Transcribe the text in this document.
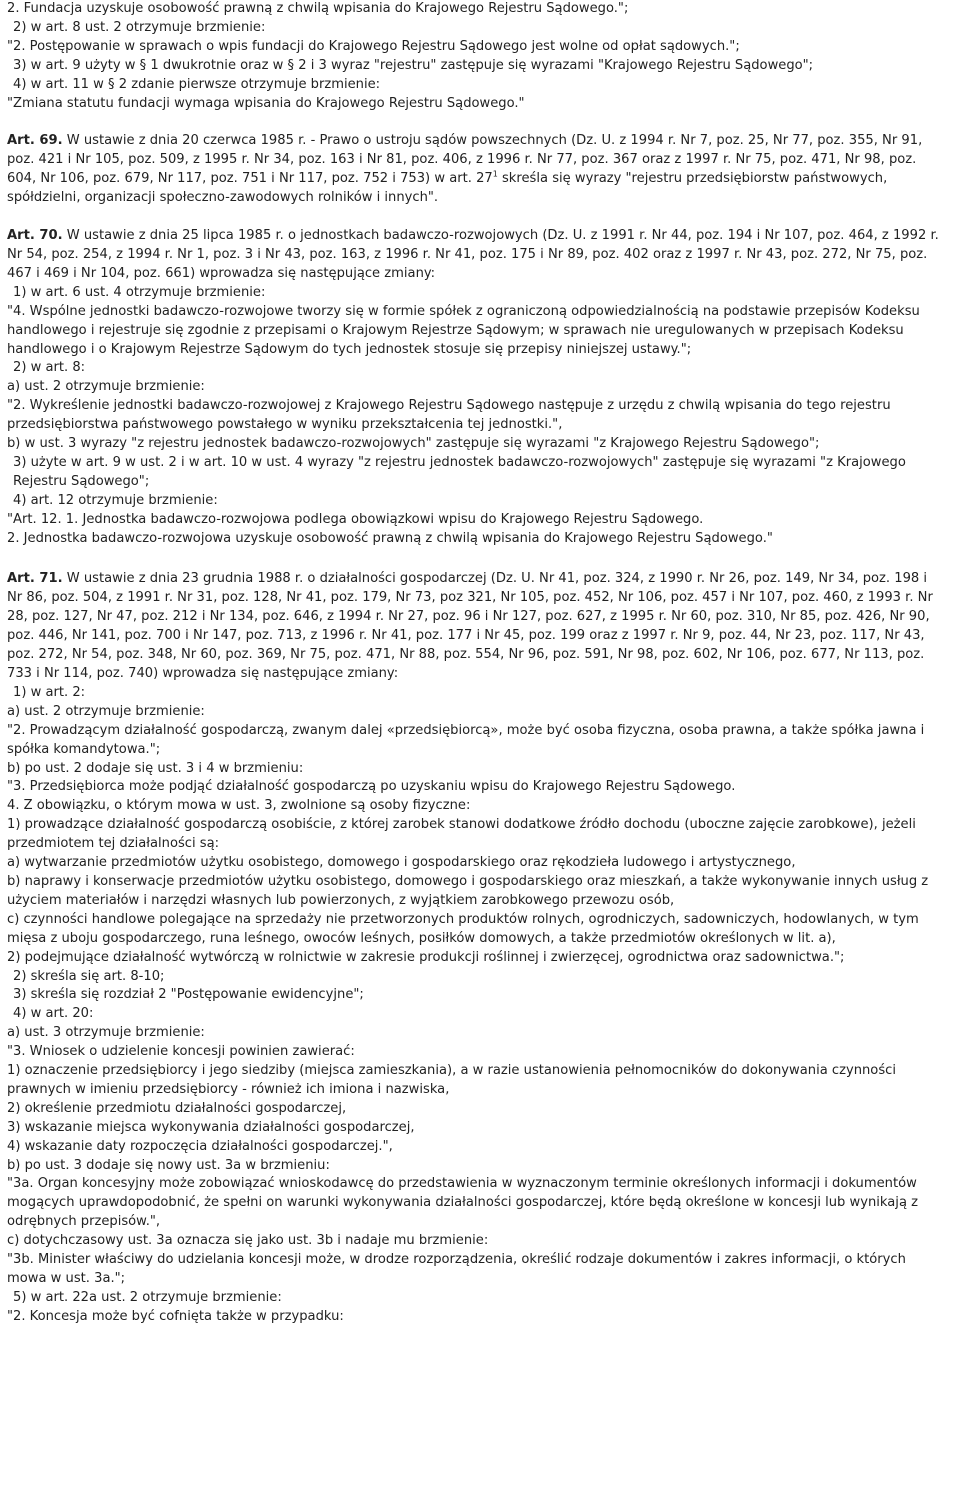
2. Fundacja uzyskuje osobowość prawną z chwilą wpisania do Krajowego Rejestru Sądowego.";

2) w art. 8 ust. 2 otrzymuje brzmienie:

"2. Postępowanie w sprawach o wpis fundacji do Krajowego Rejestru Sądowego jest wolne od opłat sądowych.";

3) w art. 9 użyty w § 1 dwukrotnie oraz w § 2 i 3 wyraz "rejestru" zastępuje się wyrazami "Krajowego Rejestru Sądowego";

4) w art. 11 w § 2 zdanie pierwsze otrzymuje brzmienie:

"Zmiana statutu fundacji wymaga wpisania do Krajowego Rejestru Sądowego."

Art. 69. W ustawie z dnia 20 czerwca 1985 r. - Prawo o ustroju sądów powszechnych (Dz. U. z 1994 r. Nr 7, poz. 25, Nr 77, poz. 355, Nr 91, poz. 421 i Nr 105, poz. 509, z 1995 r. Nr 34, poz. 163 i Nr 81, poz. 406, z 1996 r. Nr 77, poz. 367 oraz z 1997 r. Nr 75, poz. 471, Nr 98, poz. 604, Nr 106, poz. 679, Nr 117, poz. 751 i Nr 117, poz. 752 i 753) w art. $27^1$ skreśla się wyrazy "rejestru przedsiębiorstw państwowych, spółdzielni, organizacji społeczno-zawodowych rolników i innych".

Art. 70. W ustawie z dnia 25 lipca 1985 r. o jednostkach badawczo-rozwojowych (Dz. U. z 1991 r. Nr 44, poz. 194 i Nr 107, poz. 464, z 1992 r. Nr 54, poz. 254, z 1994 r. Nr 1, poz. 3 i Nr 43, poz. 163, z 1996 r. Nr 41, poz. 175 i Nr 89, poz. 402 oraz z 1997 r. Nr 43, poz. 272, Nr 75, poz. 467 i 469 i Nr 104, poz. 661) wprowadza się następujące zmiany:

1) w art. 6 ust. 4 otrzymuje brzmienie:

"4. Wspólne jednostki badawczo-rozwojowe tworzy się w formie spółek z ograniczoną odpowiedzialnością na podstawie przepisów Kodeksu handlowego i rejestruje się zgodnie z przepisami o Krajowym Rejestrze Sądowym; w sprawach nie uregulowanych w przepisach Kodeksu handlowego i o Krajowym Rejestrze Sądowym do tych jednostek stosuje się przepisy niniejszej ustawy.";

2) w art. 8:

a) ust. 2 otrzymuje brzmienie:

"2. Wykreślenie jednostki badawczo-rozwojowej z Krajowego Rejestru Sądowego następuje z urzędu z chwilą wpisania do tego rejestru przedsiębiorstwa państwowego powstałego w wyniku przekształcenia tej jednostki.",

b) w ust. 3 wyrazy "z rejestru jednostek badawczo-rozwojowych" zastępuje się wyrazami "z Krajowego Rejestru Sądowego";

3) użyte w art. 9 w ust. 2 i w art. 10 w ust. 4 wyrazy "z rejestru jednostek badawczo-rozwojowych" zastępuje się wyrazami "z Krajowego Rejestru Sądowego";

4) art. 12 otrzymuje brzmienie:

"Art. 12. 1. Jednostka badawczo-rozwojowa podlega obowiązkowi wpisu do Krajowego Rejestru Sądowego.

2. Jednostka badawczo-rozwojowa uzyskuje osobowość prawną z chwilą wpisania do Krajowego Rejestru Sądowego."

Art. 71. W ustawie z dnia 23 grudnia 1988 r. o działalności gospodarczej (Dz. U. Nr 41, poz. 324, z 1990 r. Nr 26, poz. 149, Nr 34, poz. 198 i Nr 86, poz. 504, z 1991 r. Nr 31, poz. 128, Nr 41, poz. 179, Nr 73, poz 321, Nr 105, poz. 452, Nr 106, poz. 457 i Nr 107, poz. 460, z 1993 r. Nr 28, poz. 127, Nr 47, poz. 212 i Nr 134, poz. 646, z 1994 r. Nr 27, poz. 96 i Nr 127, poz. 627, z 1995 r. Nr 60, poz. 310, Nr 85, poz. 426, Nr 90, poz. 446, Nr 141, poz. 700 i Nr 147, poz. 713, z 1996 r. Nr 41, poz. 177 i Nr 45, poz. 199 oraz z 1997 r. Nr 9, poz. 44, Nr 23, poz. 117, Nr 43, poz. 272, Nr 54, poz. 348, Nr 60, poz. 369, Nr 75, poz. 471, Nr 88, poz. 554, Nr 96, poz. 591, Nr 98, poz. 602, Nr 106, poz. 677, Nr 113, poz. 733 i Nr 114, poz. 740) wprowadza się następujące zmiany:

1) w art. 2:

a) ust. 2 otrzymuje brzmienie:

"2. Prowadzącym działalność gospodarczą, zwanym dalej «przedsiębiorcą», może być osoba fizyczna, osoba prawna, a także spółka jawna i spółka komandytowa.";

b) po ust. 2 dodaje się ust. 3 i 4 w brzmieniu:

"3. Przedsiębiorca może podjąć działalność gospodarczą po uzyskaniu wpisu do Krajowego Rejestru Sądowego.

4. Z obowiązku, o którym mowa w ust. 3, zwolnione są osoby fizyczne:

1) prowadzące działalność gospodarczą osobiście, z której zarobek stanowi dodatkowe źródło dochodu (uboczne zajęcie zarobkowe), jeżeli przedmiotem tej działalności są:

a) wytwarzanie przedmiotów użytku osobistego, domowego i gospodarskiego oraz rękodzieła ludowego i artystycznego,

b) naprawy i konserwacje przedmiotów użytku osobistego, domowego i gospodarskiego oraz mieszkań, a także wykonywanie innych usług z użyciem materiałów i narzędzi własnych lub powierzonych, z wyjątkiem zarobkowego przewozu osób,

c) czynności handlowe polegające na sprzedaży nie przetworzonych produktów rolnych, ogrodniczych, sadowniczych, hodowlanych, w tym mięsa z uboju gospodarczego, runa leśnego, owoców leśnych, posiłków domowych, a także przedmiotów określonych w lit. a),

2) podejmujące działalność wytwórczą w rolnictwie w zakresie produkcji roślinnej i zwierzęcej, ogrodnictwa oraz sadownictwa.";

2) skreśla się art. 8-10;

3) skreśla się rozdział 2 "Postępowanie ewidencyjne";

4) w art. 20:

a) ust. 3 otrzymuje brzmienie:

"3. Wniosek o udzielenie koncesji powinien zawierać:

1) oznaczenie przedsiębiorcy i jego siedziby (miejsca zamieszkania), a w razie ustanowienia pełnomocników do dokonywania czynności prawnych w imieniu przedsiębiorcy - również ich imiona i nazwiska,

2) określenie przedmiotu działalności gospodarczej,

3) wskazanie miejsca wykonywania działalności gospodarczej,

4) wskazanie daty rozpoczęcia działalności gospodarczej.",

b) po ust. 3 dodaje się nowy ust. 3a w brzmieniu:

"3a. Organ koncesyjny może zobowiązać wnioskodawcę do przedstawienia w wyznaczonym terminie określonych informacji i dokumentów mogących uprawdopodobnić, że spełni on warunki wykonywania działalności gospodarczej, które będą określone w koncesji lub wynikają z odrębnych przepisów.",

c) dotychczasowy ust. 3a oznacza się jako ust. 3b i nadaje mu brzmienie:

"3b. Minister właściwy do udzielania koncesji może, w drodze rozporządzenia, określić rodzaje dokumentów i zakres informacji, o których mowa w ust. 3a.";

5) w art. 22a ust. 2 otrzymuje brzmienie:

"2. Koncesja może być cofnięta także w przypadku:
